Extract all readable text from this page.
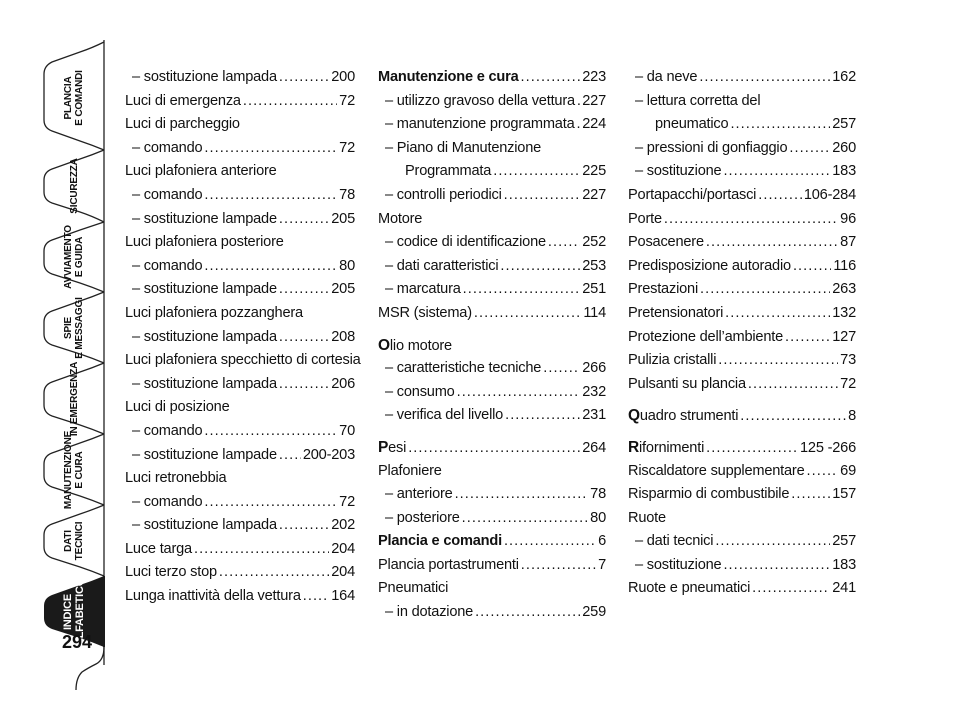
PLANCIA E COMANDI
SICUREZZA
AVVIAMENTO E GUIDA
SPIE E MESSAGGI
IN EMERGENZA
MANUTENZIONE E CURA
DATI TECNICI
INDICE ALFABETICO
294
– sostituzione lampada . . .	200
Luci di emergenza . . .	72
Luci di parcheggio
– comando . . .	72
Luci plafoniera anteriore
– comando . . .	78
– sostituzione lampade . . .	205
Luci plafoniera posteriore
– comando . . .	80
– sostituzione lampade . . .	205
Luci plafoniera pozzanghera
– sostituzione lampada . . .	208
Luci plafoniera specchietto di cortesia
– sostituzione lampada . . .	206
Luci di posizione
– comando . . .	70
– sostituzione lampade . . . 200-203
Luci retronebbia
– comando . . .	72
– sostituzione lampada . . .	202
Luce targa . . .	204
Luci terzo stop . . .	204
Lunga inattività della vettura . . . 164
Manutenzione e cura . . .	223
– utilizzo gravoso della vettura . . . 227
– manutenzione programmata . . . 224
– Piano di Manutenzione
Programmata . . .	225
– controlli periodici . . .	227
Motore
– codice di identificazione . . . 252
– dati caratteristici . . .	253
– marcatura . . .	251
MSR (sistema) . . .	114
Olio motore
– caratteristiche tecniche . . .	266
– consumo . . .	232
– verifica del livello . . .	231
Pesi . . .	264
Plafoniere
– anteriore . . .	78
– posteriore . . .	80
Plancia e comandi . . .	6
Plancia portastrumenti . . .	7
Pneumatici
– in dotazione . . .	259
– da neve . . .	162
– lettura corretta del
pneumatico . . .	257
– pressioni di gonfiaggio . . .	260
– sostituzione . . .	183
Portapacchi/portasci . . .	106-284
Porte . . .	96
Posacenere . . .	87
Predisposizione autoradio . . .	116
Prestazioni . . .	263
Pretensionatori . . .	132
Protezione dell’ambiente . . .	127
Pulizia cristalli . . .	73
Pulsanti su plancia . . .	72
Quadro strumenti . . .	8
Rifornimenti . . .	125 -266
Riscaldatore supplementare . . . 69
Risparmio di combustibile . . .	157
Ruote
– dati tecnici . . .	257
– sostituzione . . .	183
Ruote e pneumatici . . .	241
